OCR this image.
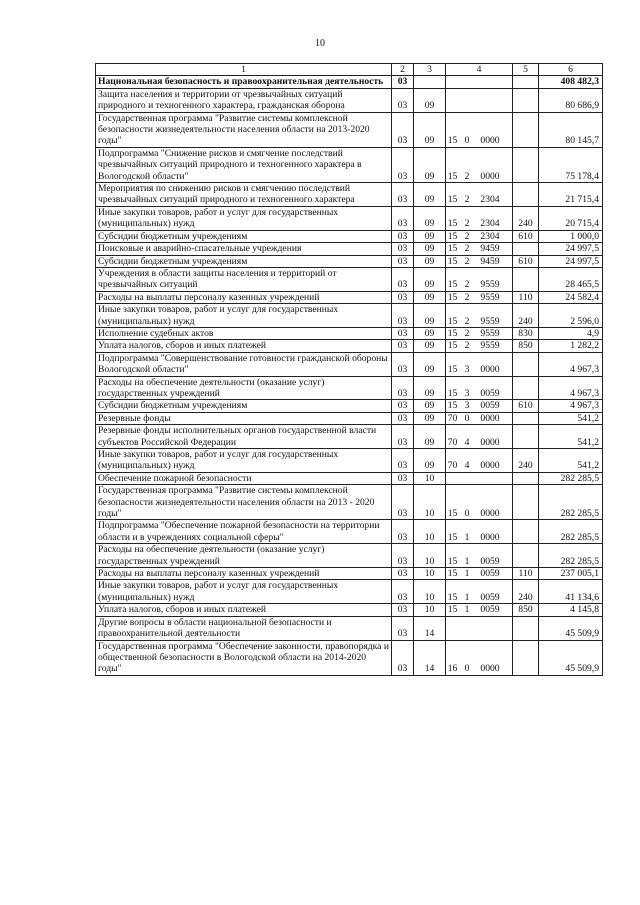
10
1	2	3	4	5	6
Национальная безопасность и правоохранительная деятельность	03				408 482,3
Защита населения и территории от чрезвычайных ситуаций природного и техногенного характера, гражданская оборона	03	09			80 686,9
Государственная программа "Развитие системы комплексной безопасности жизнедеятельности населения области на 2013-2020 годы"	03	09	15 0 0000		80 145,7
Подпрограмма "Снижение рисков и смягчение последствий чрезвычайных ситуаций природного и техногенного характера в Вологодской области"	03	09	15 2 0000		75 178,4
Мероприятия по снижению рисков и смягчению последствий чрезвычайных ситуаций природного и техногенного характера	03	09	15 2 2304		21 715,4
Иные закупки товаров, работ и услуг для государственных (муниципальных) нужд	03	09	15 2 2304	240	20 715,4
Субсидии бюджетным учреждениям	03	09	15 2 2304	610	1 000,0
Поисковые и аварийно-спасательные учреждения	03	09	15 2 9459		24 997,5
Субсидии бюджетным учреждениям	03	09	15 2 9459	610	24 997,5
Учреждения в области защиты населения и территорий от чрезвычайных ситуаций	03	09	15 2 9559		28 465,5
Расходы на выплаты персоналу казенных учреждений	03	09	15 2 9559	110	24 582,4
Иные закупки товаров, работ и услуг для государственных (муниципальных) нужд	03	09	15 2 9559	240	2 596,0
Исполнение судебных актов	03	09	15 2 9559	830	4,9
Уплата налогов, сборов и иных платежей	03	09	15 2 9559	850	1 282,2
Подпрограмма "Совершенствование готовности гражданской обороны Вологодской области"	03	09	15 3 0000		4 967,3
Расходы на обеспечение деятельности (оказание услуг) государственных учреждений	03	09	15 3 0059		4 967,3
Субсидии бюджетным учреждениям	03	09	15 3 0059	610	4 967,3
Резервные фонды	03	09	70 0 0000		541,2
Резервные фонды исполнительных органов государственной власти субъектов Российской Федерации	03	09	70 4 0000		541,2
Иные закупки товаров, работ и услуг для государственных (муниципальных) нужд	03	09	70 4 0000	240	541,2
Обеспечение пожарной безопасности	03	10			282 285,5
Государственная программа "Развитие системы комплексной безопасности жизнедеятельности населения области на 2013 - 2020 годы"	03	10	15 0 0000		282 285,5
Подпрограмма "Обеспечение пожарной безопасности на территории области и в учреждениях социальной сферы"	03	10	15 1 0000		282 285,5
Расходы на обеспечение деятельности (оказание услуг) государственных учреждений	03	10	15 1 0059		282 285,5
Расходы на выплаты персоналу казенных учреждений	03	10	15 1 0059	110	237 005,1
Иные закупки товаров, работ и услуг для государственных (муниципальных) нужд	03	10	15 1 0059	240	41 134,6
Уплата налогов, сборов и иных платежей	03	10	15 1 0059	850	4 145,8
Другие вопросы в области национальной безопасности и правоохранительной деятельности	03	14			45 509,9
Государственная программа "Обеспечение законности, правопорядка и общественной безопасности в Вологодской области на 2014-2020 годы"	03	14	16 0 0000		45 509,9
